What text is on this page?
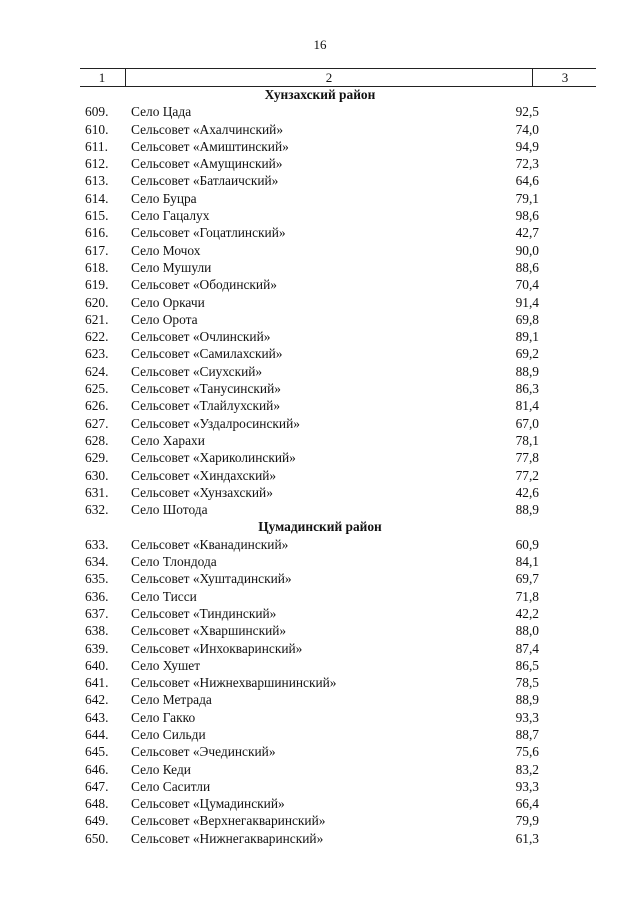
16
1	2	3
Хунзахский район
609. Село Цада	92,5
610. Сельсовет «Ахалчинский»	74,0
611. Сельсовет «Амиштинский»	94,9
612. Сельсовет «Амущинский»	72,3
613. Сельсовет «Батлаичский»	64,6
614. Село Буцра	79,1
615. Село Гацалух	98,6
616. Сельсовет «Гоцатлинский»	42,7
617. Село Мочох	90,0
618. Село Мушули	88,6
619. Сельсовет «Ободинский»	70,4
620. Село Оркачи	91,4
621. Село Орота	69,8
622. Сельсовет «Очлинский»	89,1
623. Сельсовет «Самилахский»	69,2
624. Сельсовет «Сиухский»	88,9
625. Сельсовет «Танусинский»	86,3
626. Сельсовет «Тлайлухский»	81,4
627. Сельсовет «Уздалросинский»	67,0
628. Село Харахи	78,1
629. Сельсовет «Хариколинский»	77,8
630. Сельсовет «Хиндахский»	77,2
631. Сельсовет «Хунзахский»	42,6
632. Село Шотода	88,9
Цумадинский район
633. Сельсовет «Кванадинский»	60,9
634. Село Тлондода	84,1
635. Сельсовет «Хуштадинский»	69,7
636. Село Тисси	71,8
637. Сельсовет «Тиндинский»	42,2
638. Сельсовет «Хваршинский»	88,0
639. Сельсовет «Инхокваринский»	87,4
640. Село Хушет	86,5
641. Сельсовет «Нижнехваршининский»	78,5
642. Село Метрада	88,9
643. Село Гакко	93,3
644. Село Сильди	88,7
645. Сельсовет «Эчединский»	75,6
646. Село Кеди	83,2
647. Село Саситли	93,3
648. Сельсовет «Цумадинский»	66,4
649. Сельсовет «Верхнегакваринский»	79,9
650. Сельсовет «Нижнегакваринский»	61,3
